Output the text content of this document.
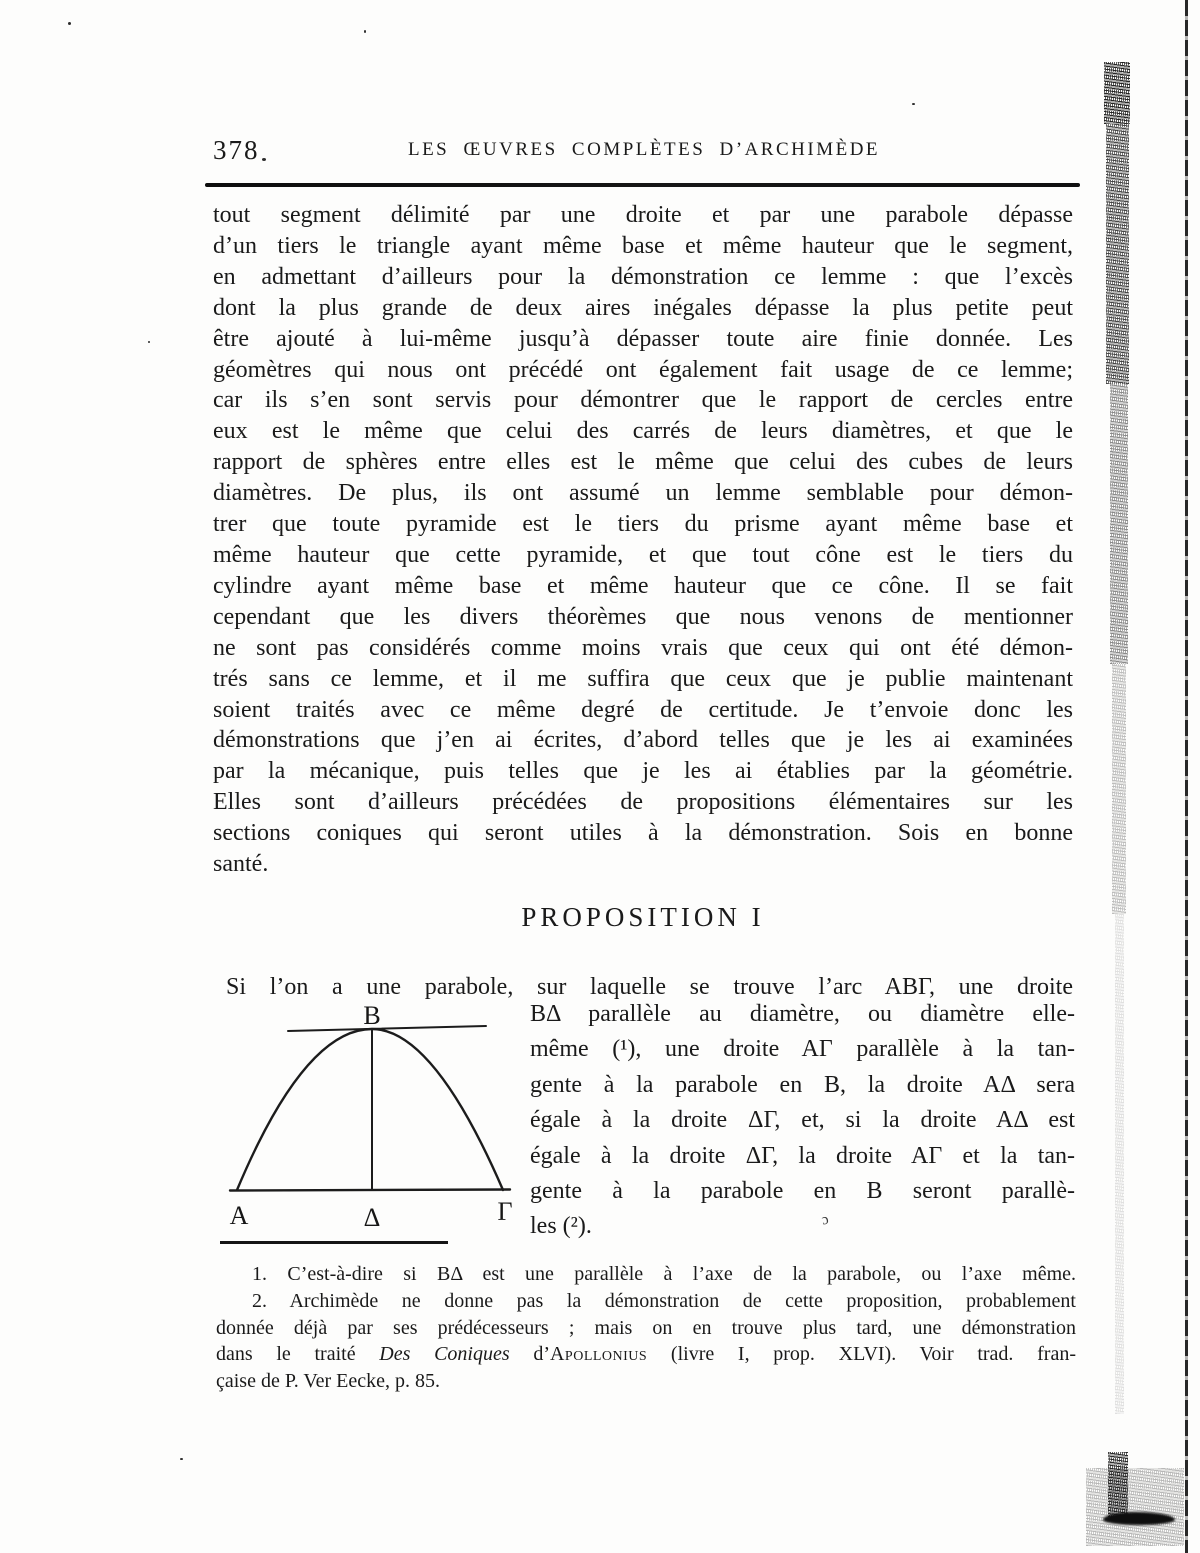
378	LES ŒUVRES COMPLÈTES D’ARCHIMÈDE
tout segment délimité par une droite et par une parabole dépasse
d’un tiers le triangle ayant même base et même hauteur que le segment,
en admettant d’ailleurs pour la démonstration ce lemme : que l’excès
dont la plus grande de deux aires inégales dépasse la plus petite peut
être ajouté à lui-même jusqu’à dépasser toute aire finie donnée. Les
géomètres qui nous ont précédé ont également fait usage de ce lemme;
car ils s’en sont servis pour démontrer que le rapport de cercles entre
eux est le même que celui des carrés de leurs diamètres, et que le
rapport de sphères entre elles est le même que celui des cubes de leurs
diamètres. De plus, ils ont assumé un lemme semblable pour démon-
trer que toute pyramide est le tiers du prisme ayant même base et
même hauteur que cette pyramide, et que tout cône est le tiers du
cylindre ayant même base et même hauteur que ce cône. Il se fait
cependant que les divers théorèmes que nous venons de mentionner
ne sont pas considérés comme moins vrais que ceux qui ont été démon-
trés sans ce lemme, et il me suffira que ceux que je publie maintenant
soient traités avec ce même degré de certitude. Je t’envoie donc les
démonstrations que j’en ai écrites, d’abord telles que je les ai examinées
par la mécanique, puis telles que je les ai établies par la géométrie.
Elles sont d’ailleurs précédées de propositions élémentaires sur les
sections coniques qui seront utiles à la démonstration. Sois en bonne
santé.
PROPOSITION I
Si l’on a une parabole, sur laquelle se trouve l’arc ABΓ, une droite
B
A	Δ	Γ
BΔ parallèle au diamètre, ou diamètre elle-
même (¹), une droite AΓ parallèle à la tan-
gente à la parabole en B, la droite AΔ sera
égale à la droite ΔΓ, et, si la droite AΔ est
égale à la droite ΔΓ, la droite AΓ et la tan-
gente à la parabole en B seront parallè-
les (²).
1. C’est-à-dire si BΔ est une parallèle à l’axe de la parabole, ou l’axe même.
2. Archimède ne donne pas la démonstration de cette proposition, probablement
donnée déjà par ses prédécesseurs ; mais on en trouve plus tard, une démonstration
dans le traité Des Coniques d’Apollonius (livre I, prop. XLVI). Voir trad. fran-
çaise de P. Ver Eecke, p. 85.
ɔ
